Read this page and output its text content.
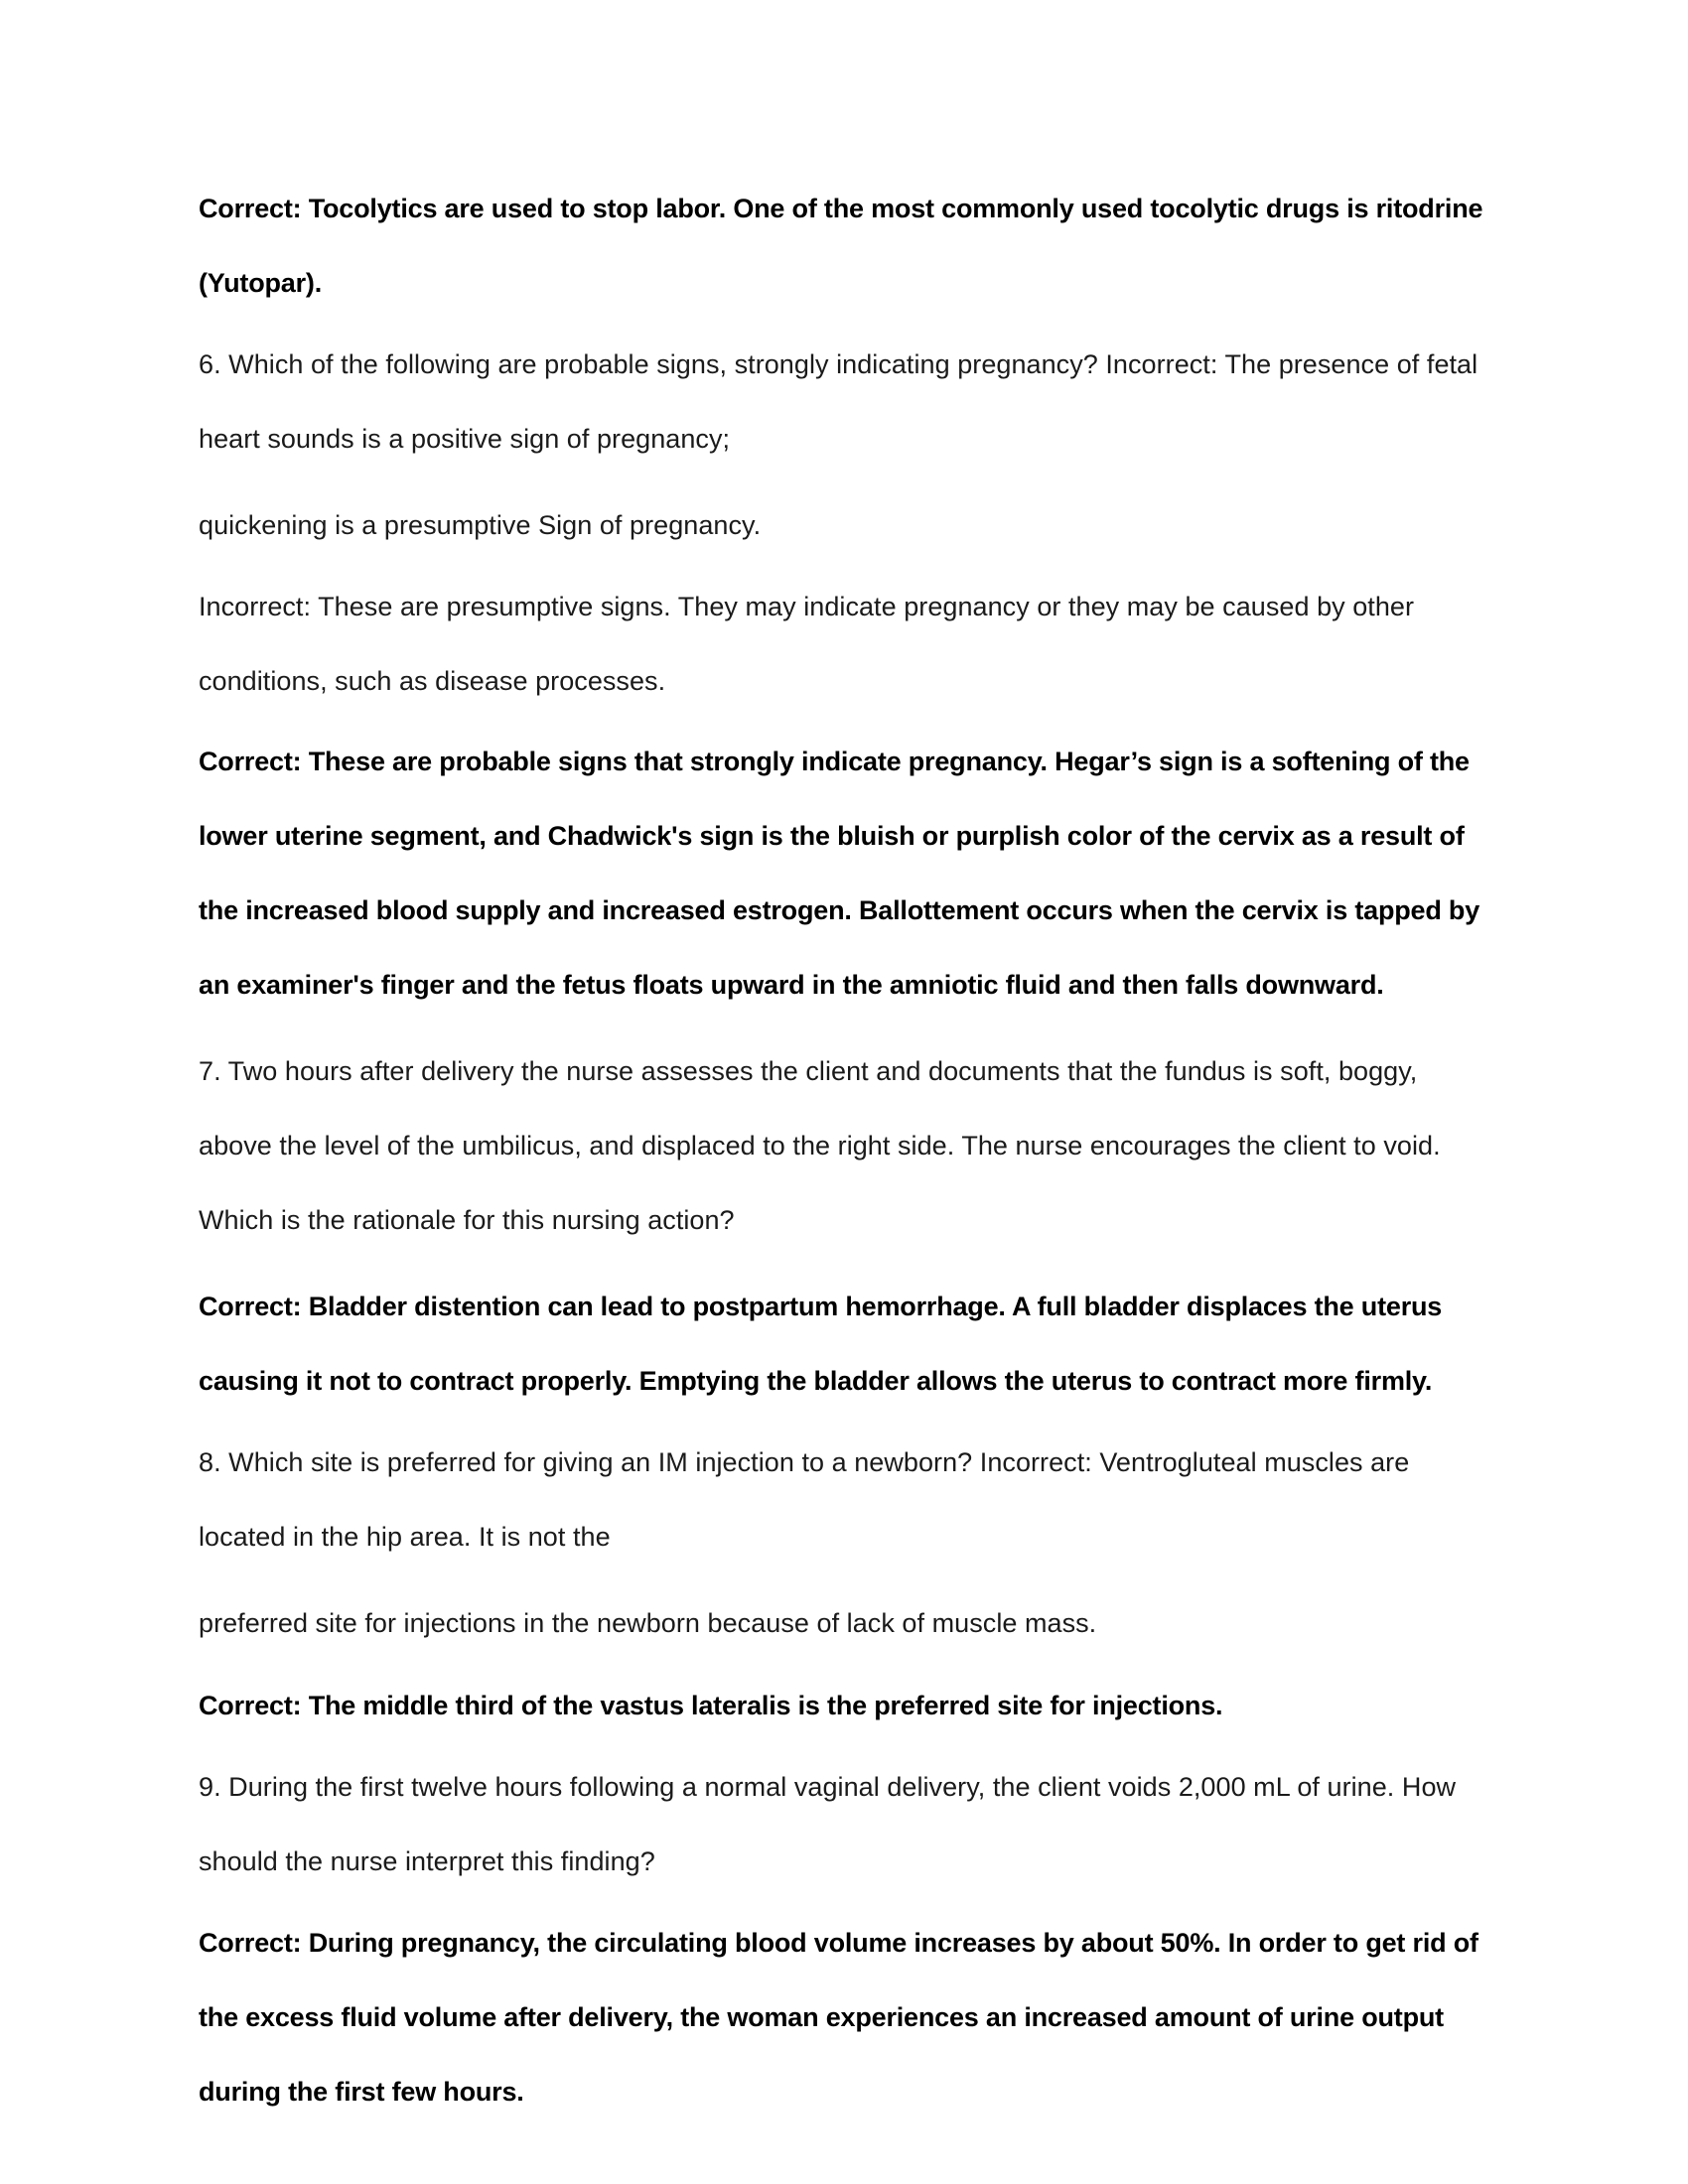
Correct: Tocolytics are used to stop labor. One of the most commonly used tocolytic drugs is ritodrine (Yutopar).

6. Which of the following are probable signs, strongly indicating pregnancy? Incorrect: The presence of fetal heart sounds is a positive sign of pregnancy;

quickening is a presumptive Sign of pregnancy.

Incorrect: These are presumptive signs. They may indicate pregnancy or they may be caused by other conditions, such as disease processes.

Correct: These are probable signs that strongly indicate pregnancy. Hegar’s sign is a softening of the lower uterine segment, and Chadwick's sign is the bluish or purplish color of the cervix as a result of the increased blood supply and increased estrogen. Ballottement occurs when the cervix is tapped by an examiner's finger and the fetus floats upward in the amniotic fluid and then falls downward.

7. Two hours after delivery the nurse assesses the client and documents that the fundus is soft, boggy, above the level of the umbilicus, and displaced to the right side. The nurse encourages the client to void. Which is the rationale for this nursing action?

Correct: Bladder distention can lead to postpartum hemorrhage. A full bladder displaces the uterus causing it not to contract properly. Emptying the bladder allows the uterus to contract more firmly.

8. Which site is preferred for giving an IM injection to a newborn? Incorrect: Ventrogluteal muscles are located in the hip area. It is not the

preferred site for injections in the newborn because of lack of muscle mass.

Correct: The middle third of the vastus lateralis is the preferred site for injections.

9. During the first twelve hours following a normal vaginal delivery, the client voids 2,000 mL of urine. How should the nurse interpret this finding?

Correct: During pregnancy, the circulating blood volume increases by about 50%. In order to get rid of the excess fluid volume after delivery, the woman experiences an increased amount of urine output during the first few hours.
